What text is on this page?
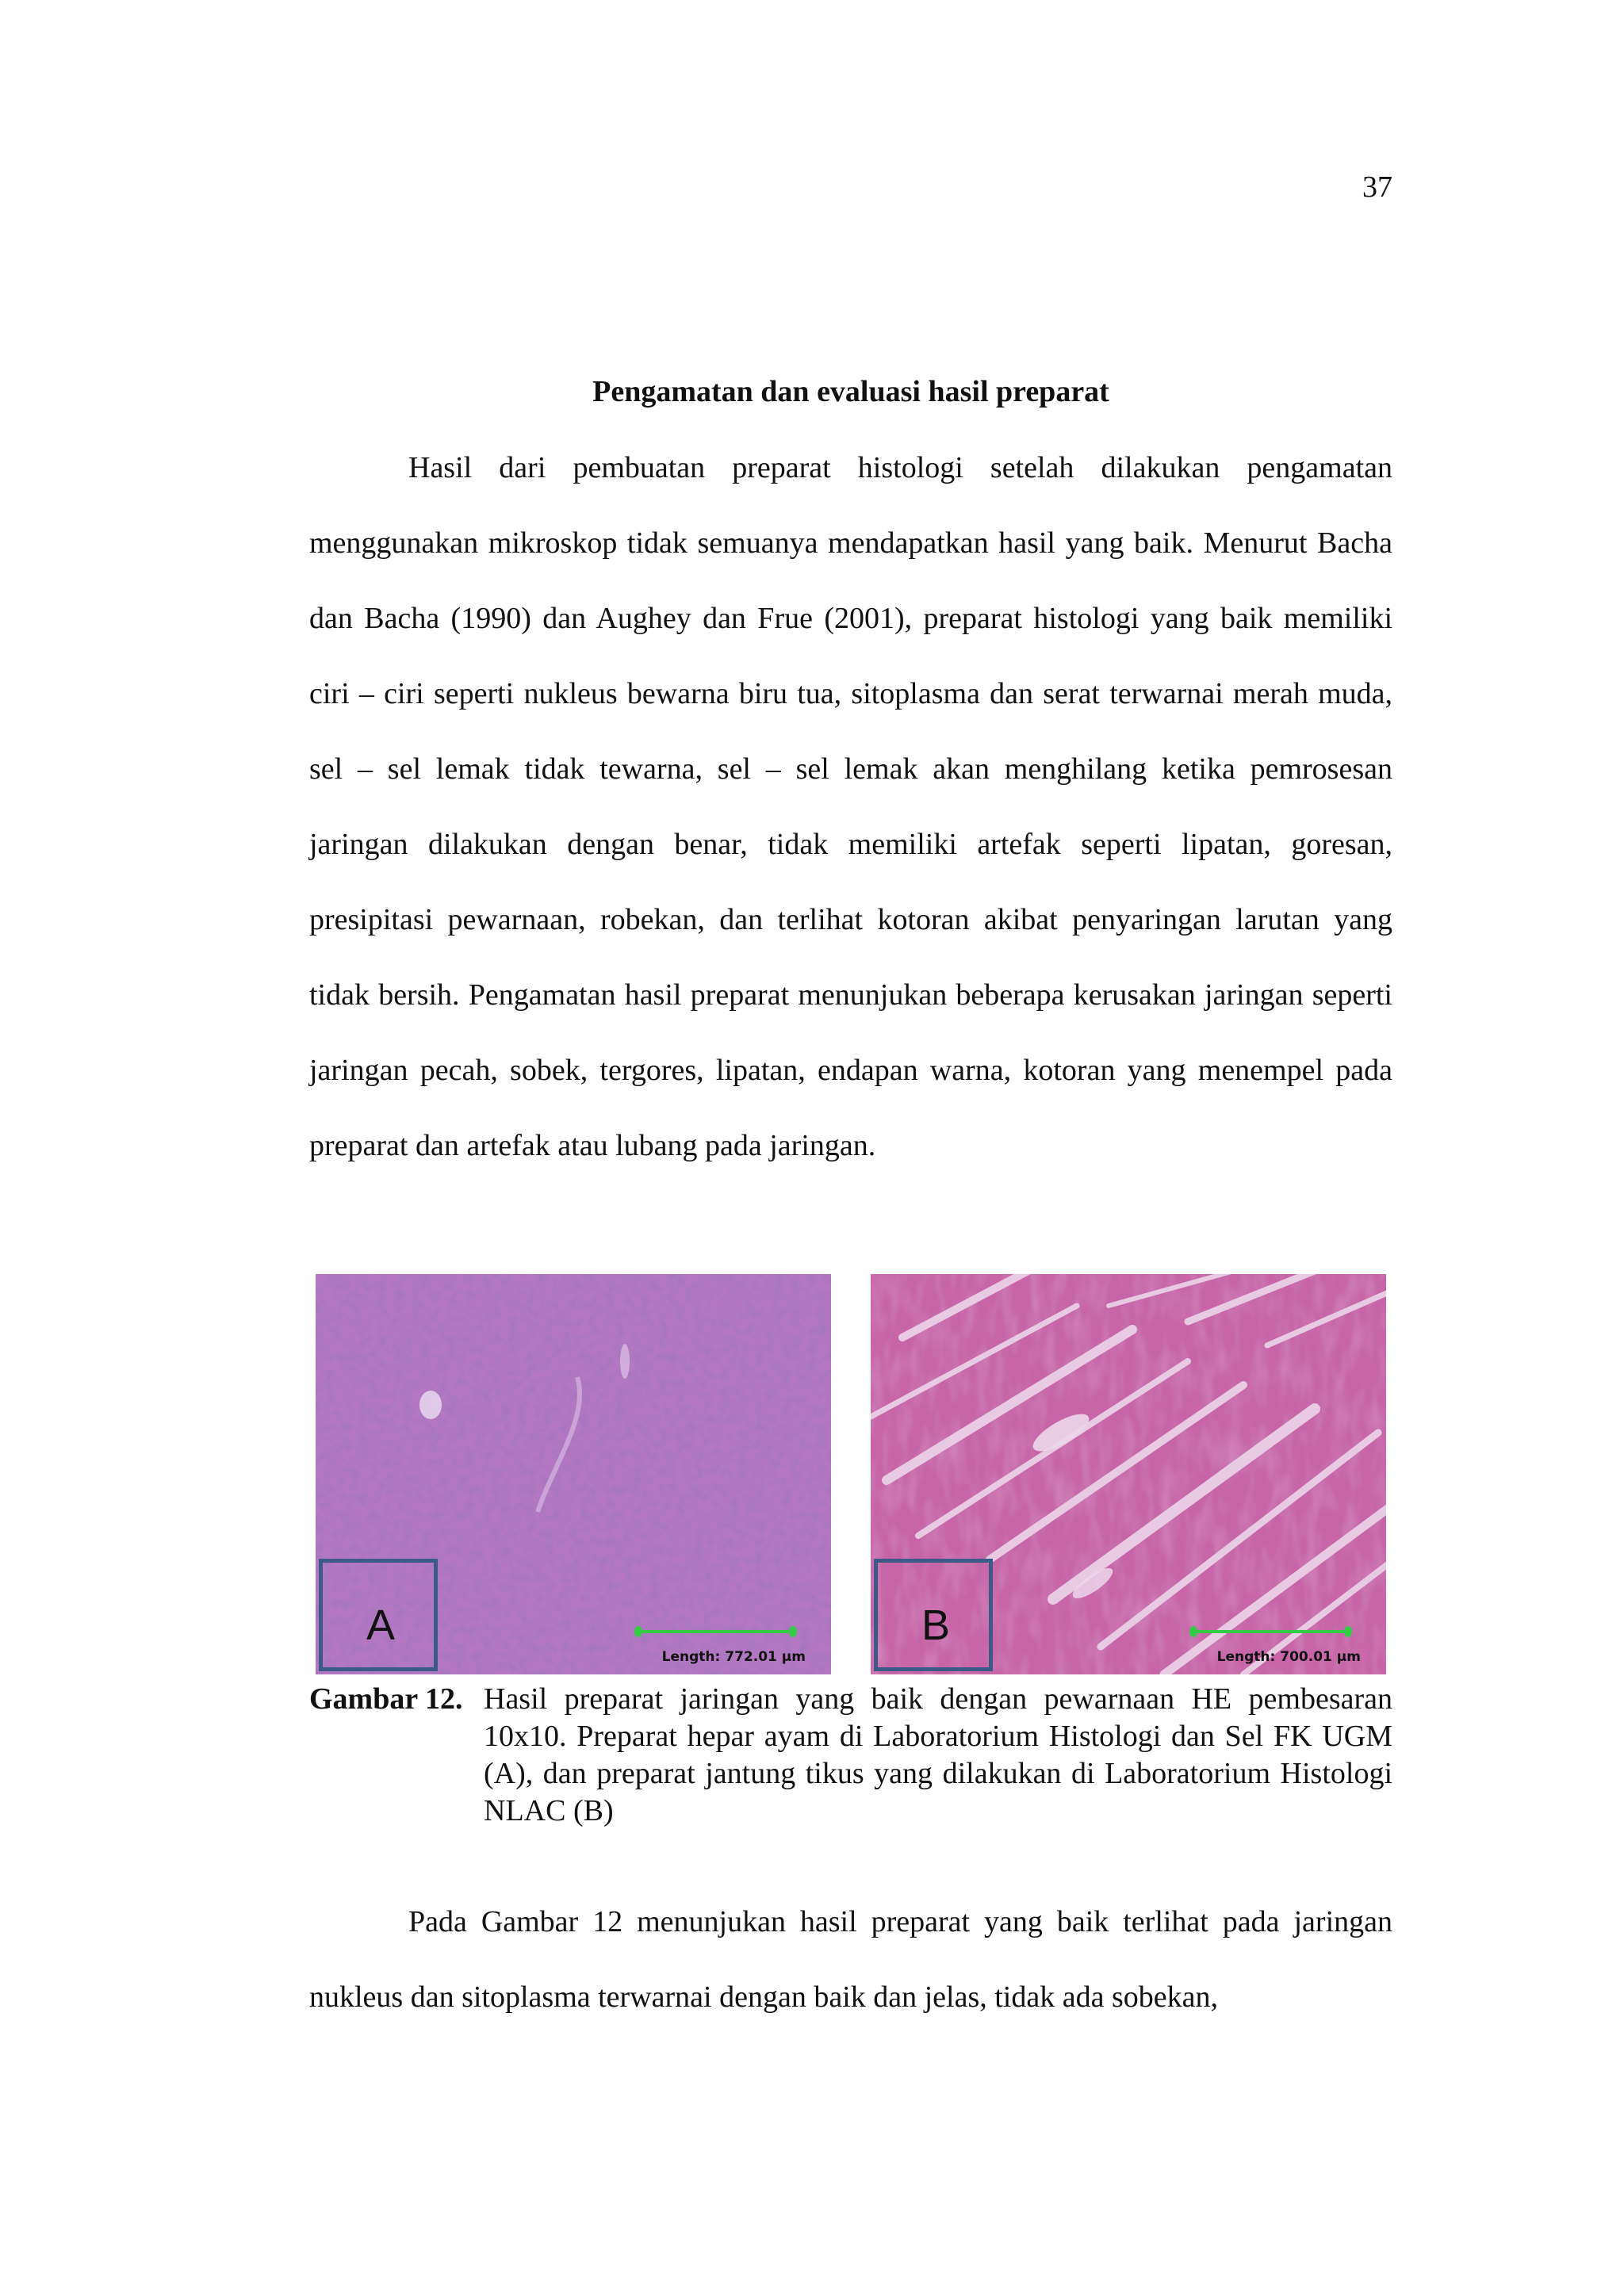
37
Pengamatan dan evaluasi hasil preparat

Hasil dari pembuatan preparat histologi setelah dilakukan pengamatan menggunakan mikroskop tidak semuanya mendapatkan hasil yang baik. Menurut Bacha dan Bacha (1990) dan Aughey dan Frue (2001), preparat histologi yang baik memiliki ciri – ciri seperti nukleus bewarna biru tua, sitoplasma dan serat terwarnai merah muda, sel – sel lemak tidak tewarna, sel – sel lemak akan menghilang ketika pemrosesan jaringan dilakukan dengan benar, tidak memiliki artefak seperti lipatan, goresan, presipitasi pewarnaan, robekan, dan terlihat kotoran akibat penyaringan larutan yang tidak bersih. Pengamatan hasil preparat menunjukan beberapa kerusakan jaringan seperti jaringan pecah, sobek, tergores, lipatan, endapan warna, kotoran yang menempel pada preparat dan artefak atau lubang pada jaringan.

A
Length: 772.01 μm
B
Length: 700.01 μm
Gambar 12. Hasil preparat jaringan yang baik dengan pewarnaan HE pembesaran 10x10. Preparat hepar ayam di Laboratorium Histologi dan Sel FK UGM (A), dan preparat jantung tikus yang dilakukan di Laboratorium Histologi NLAC (B)

Pada Gambar 12 menunjukan hasil preparat yang baik terlihat pada jaringan nukleus dan sitoplasma terwarnai dengan baik dan jelas, tidak ada sobekan,
